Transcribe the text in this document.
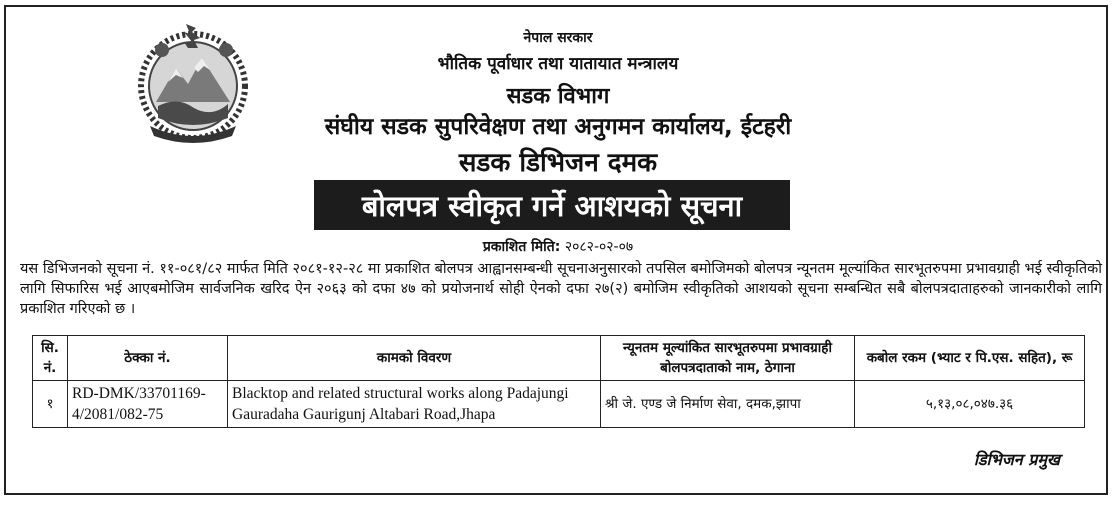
नेपाल सरकार
भौतिक पूर्वाधार तथा यातायात मन्त्रालय
सडक विभाग
संघीय सडक सुपरिवेक्षण तथा अनुगमन कार्यालय, ईटहरी
सडक डिभिजन दमक
बोलपत्र स्वीकृत गर्ने आशयको सूचना
प्रकाशित मिति: २०८२-०२-०७
यस डिभिजनको सूचना नं. ११-०८१/८२ मार्फत मिति २०८१-१२-२८ मा प्रकाशित बोलपत्र आह्वानसम्बन्धी सूचनाअनुसारको तपसिल बमोजिमको बोलपत्र न्यूनतम मूल्यांकित सारभूतरुपमा प्रभावग्राही भई स्वीकृतिको लागि सिफारिस भई आएबमोजिम सार्वजनिक खरिद ऐन २०६३ को दफा ४७ को प्रयोजनार्थ सोही ऐनको दफा २७(२) बमोजिम स्वीकृतिको आशयको सूचना सम्बन्धित सबै बोलपत्रदाताहरुको जानकारीको लागि प्रकाशित गरिएको छ ।
सि. नं.	ठेक्का नं.	कामको विवरण	न्यूनतम मूल्यांकित सारभूतरुपमा प्रभावग्राही बोलपत्रदाताको नाम, ठेगाना	कबोल रकम (भ्याट र पि.एस. सहित), रू
१	RD-DMK/33701169-4/2081/082-75	Blacktop and related structural works along Padajungi Gauradaha Gaurigunj Altabari Road,Jhapa	श्री जे. एण्ड जे निर्माण सेवा, दमक,झापा	५,१३,०८,०४७.३६
डिभिजन प्रमुख
